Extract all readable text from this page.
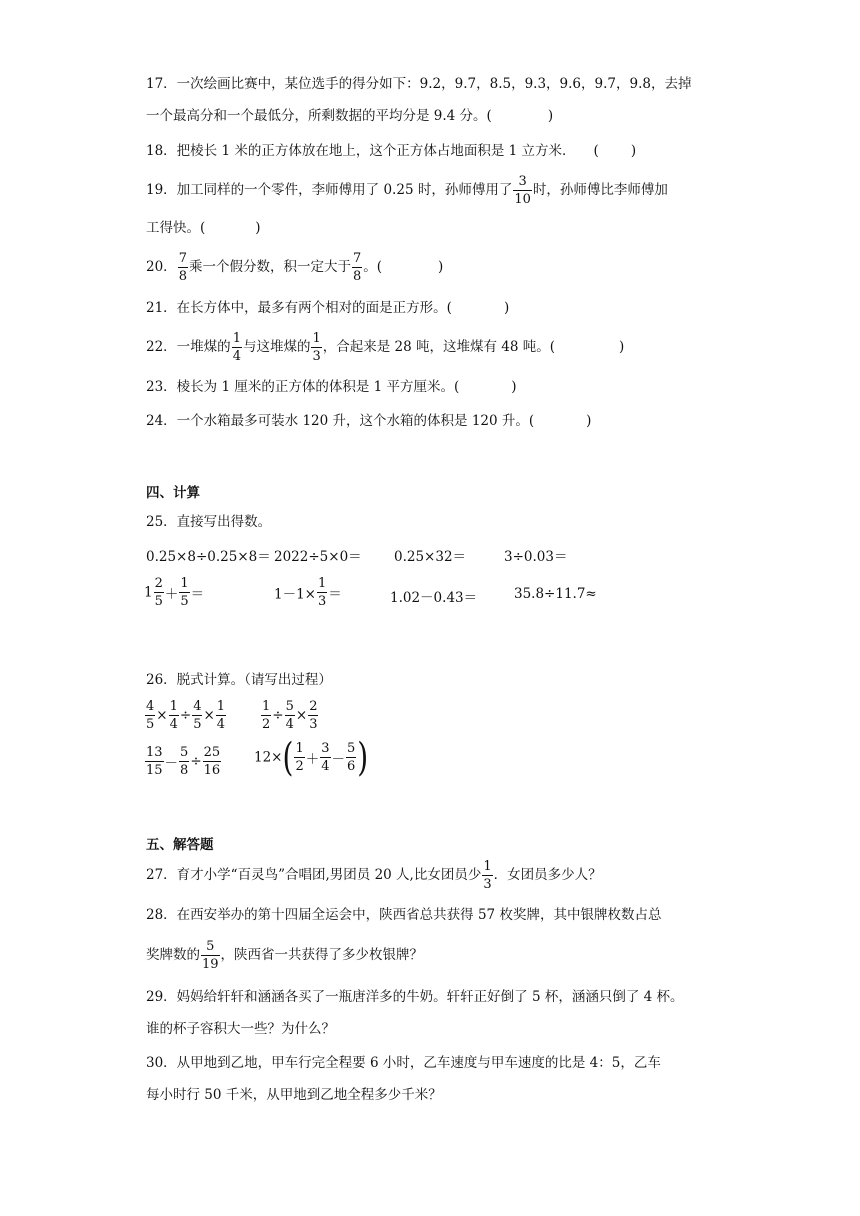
17．一次绘画比赛中，某位选手的得分如下：9.2，9.7，8.5，9.3，9.6，9.7，9.8，去掉
一个最高分和一个最低分，所剩数据的平均分是 9.4 分。(	)
18．把棱长 1 米的正方体放在地上，这个正方体占地面积是 1 立方米． ( )
19．加工同样的一个零件，李师傅用了 0.25 时，孙师傅用了 $\frac{3}{10}$ 时，孙师傅比李师傅加
工得快。(	)
20． $\frac{7}{8}$ 乘一个假分数，积一定大于 $\frac{7}{8}$ 。(	)
21．在长方体中，最多有两个相对的面是正方形。(	)
22．一堆煤的 $\frac{1}{4}$ 与这堆煤的 $\frac{1}{3}$ ，合起来是 28 吨，这堆煤有 48 吨。(	)
23．棱长为 1 厘米的正方体的体积是 1 平方厘米。(	)
24．一个水箱最多可装水 120 升，这个水箱的体积是 120 升。(	)
四、计算
25．直接写出得数。
0.25×8÷0.25×8＝ 2022÷5×0＝ 0.25×32＝	3÷0.03＝
$1 \frac{2}{5} + \frac{1}{5}$ ＝	$1-1\times \frac{1}{3}$ ＝	1.02－0.43＝	35.8÷11.7≈
26．脱式计算。（请写出过程）
$\frac{4}{5} \times \frac{1}{4} \div \frac{4}{5} \times \frac{1}{4}$	$\frac{1}{2} \div \frac{5}{4} \times \frac{2}{3}$
$\frac{13}{15} - \frac{5}{8} \div \frac{25}{16} 12\times( \frac{1}{2} + \frac{3}{4} - \frac{5}{6}$ )
五、解答题
27．育才小学“百灵鸟”合唱团,男团员 20 人,比女团员少 $\frac{1}{3}$ ．女团员多少人？
28．在西安举办的第十四届全运会中，陕西省总共获得 57 枚奖牌，其中银牌枚数占总
奖牌数的 $\frac{5}{19}$ ，陕西省一共获得了多少枚银牌？
29．妈妈给轩轩和涵涵各买了一瓶唐洋多的牛奶。轩轩正好倒了 5 杯，涵涵只倒了 4 杯。
谁的杯子容积大一些？为什么？
30．从甲地到乙地，甲车行完全程要 6 小时，乙车速度与甲车速度的比是 4：5，乙车
每小时行 50 千米，从甲地到乙地全程多少千米？
